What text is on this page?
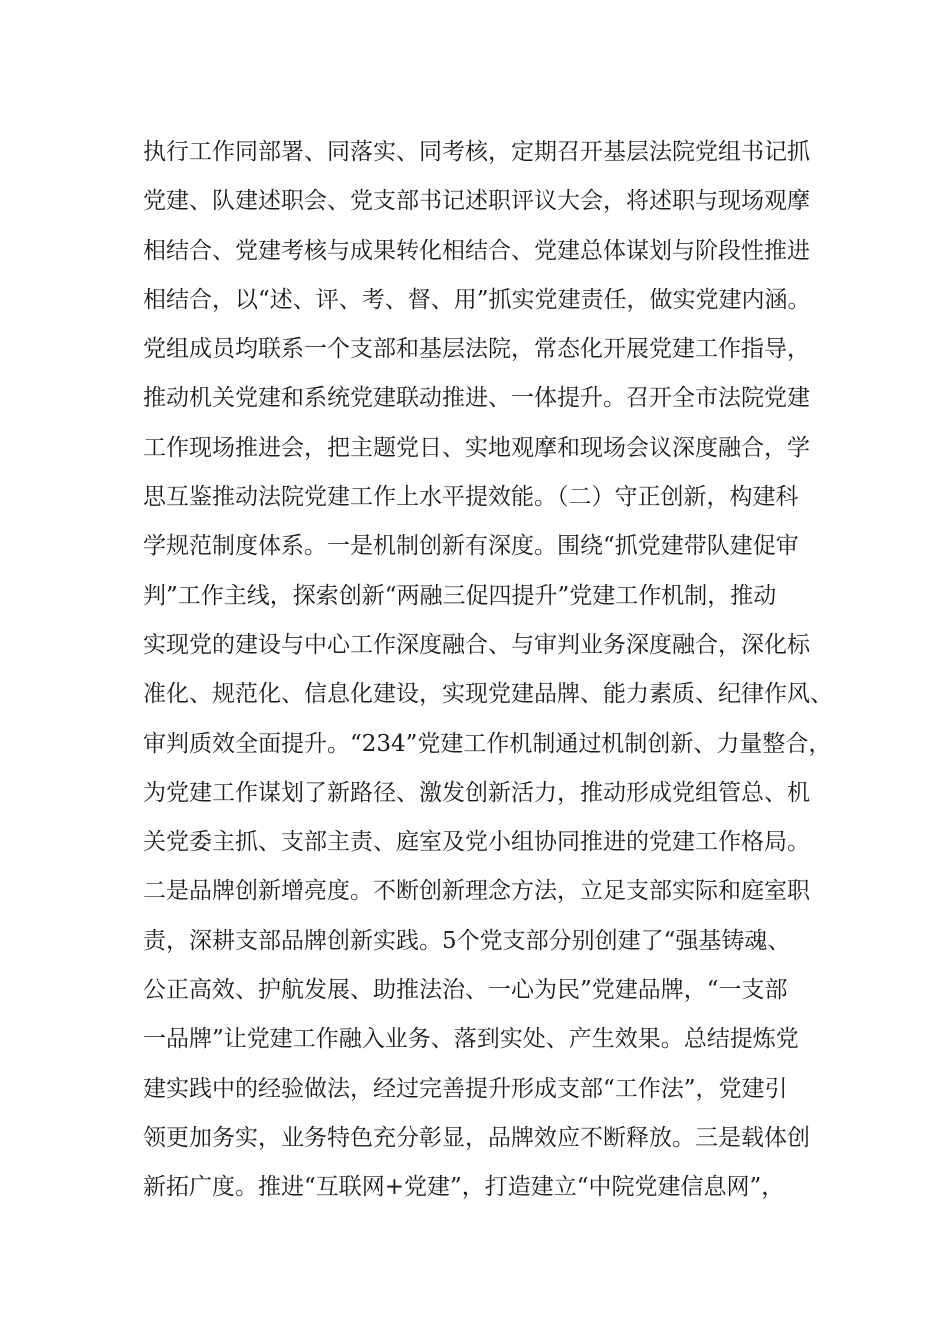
执行工作同部署、同落实、同考核，定期召开基层法院党组书记抓
党建、队建述职会、党支部书记述职评议大会，将述职与现场观摩
相结合、党建考核与成果转化相结合、党建总体谋划与阶段性推进
相结合，以“述、评、考、督、用”抓实党建责任，做实党建内涵。
党组成员均联系一个支部和基层法院，常态化开展党建工作指导，
推动机关党建和系统党建联动推进、一体提升。召开全市法院党建
工作现场推进会，把主题党日、实地观摩和现场会议深度融合，学
思互鉴推动法院党建工作上水平提效能。（二）守正创新，构建科
学规范制度体系。一是机制创新有深度。围绕“抓党建带队建促审
判”工作主线，探索创新“两融三促四提升”党建工作机制，推动
实现党的建设与中心工作深度融合、与审判业务深度融合，深化标
准化、规范化、信息化建设，实现党建品牌、能力素质、纪律作风、
审判质效全面提升。“234”党建工作机制通过机制创新、力量整合，
为党建工作谋划了新路径、激发创新活力，推动形成党组管总、机
关党委主抓、支部主责、庭室及党小组协同推进的党建工作格局。
二是品牌创新增亮度。不断创新理念方法，立足支部实际和庭室职
责，深耕支部品牌创新实践。5个党支部分别创建了“强基铸魂、
公正高效、护航发展、助推法治、一心为民”党建品牌，“一支部
一品牌”让党建工作融入业务、落到实处、产生效果。总结提炼党
建实践中的经验做法，经过完善提升形成支部“工作法”，党建引
领更加务实，业务特色充分彰显，品牌效应不断释放。三是载体创
新拓广度。推进“互联网+党建”，打造建立“中院党建信息网”，
